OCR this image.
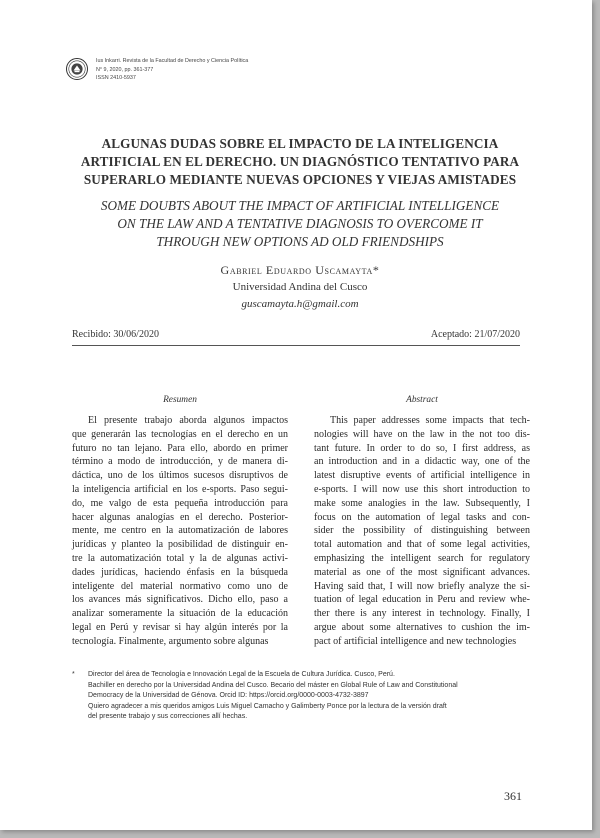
Ius Inkarri. Revista de la Facultad de Derecho y Ciencia Política
N° 9, 2020, pp. 361-377
ISSN 2410-5937
ALGUNAS DUDAS SOBRE EL IMPACTO DE LA INTELIGENCIA
ARTIFICIAL EN EL DERECHO. UN DIAGNÓSTICO TENTATIVO PARA
SUPERARLO MEDIANTE NUEVAS OPCIONES Y VIEJAS AMISTADES
SOME DOUBTS ABOUT THE IMPACT OF ARTIFICIAL INTELLIGENCE
ON THE LAW AND A TENTATIVE DIAGNOSIS TO OVERCOME IT
THROUGH NEW OPTIONS AD OLD FRIENDSHIPS
Gabriel Eduardo Uscamayta*
Universidad Andina del Cusco
guscamayta.h@gmail.com
Recibido: 30/06/2020	Aceptado: 21/07/2020
Resumen	Abstract
El presente trabajo aborda algunos impactos
que generarán las tecnologías en el derecho en un
futuro no tan lejano. Para ello, abordo en primer
término a modo de introducción, y de manera di-
dáctica, uno de los últimos sucesos disruptivos de
la inteligencia artificial en los e-sports. Paso segui-
do, me valgo de esta pequeña introducción para
hacer algunas analogías en el derecho. Posterior-
mente, me centro en la automatización de labores
jurídicas y planteo la posibilidad de distinguir en-
tre la automatización total y la de algunas activi-
dades jurídicas, haciendo énfasis en la búsqueda
inteligente del material normativo como uno de
los avances más significativos. Dicho ello, paso a
analizar someramente la situación de la educación
legal en Perú y revisar si hay algún interés por la
tecnología. Finalmente, argumento sobre algunas
This paper addresses some impacts that tech-
nologies will have on the law in the not too dis-
tant future. In order to do so, I first address, as
an introduction and in a didactic way, one of the
latest disruptive events of artificial intelligence in
e-sports. I will now use this short introduction to
make some analogies in the law. Subsequently, I
focus on the automation of legal tasks and con-
sider the possibility of distinguishing between
total automation and that of some legal activities,
emphasizing the intelligent search for regulatory
material as one of the most significant advances.
Having said that, I will now briefly analyze the si-
tuation of legal education in Peru and review whe-
ther there is any interest in technology. Finally, I
argue about some alternatives to cushion the im-
pact of artificial intelligence and new technologies
* Director del área de Tecnología e Innovación Legal de la Escuela de Cultura Jurídica. Cusco, Perú.
Bachiller en derecho por la Universidad Andina del Cusco. Becario del máster en Global Rule of Law and Constitutional
Democracy de la Universidad de Génova. Orcid ID: https://orcid.org/0000-0003-4732-3897
Quiero agradecer a mis queridos amigos Luis Miguel Camacho y Galimberty Ponce por la lectura de la versión draft
del presente trabajo y sus correcciones allí hechas.
361
